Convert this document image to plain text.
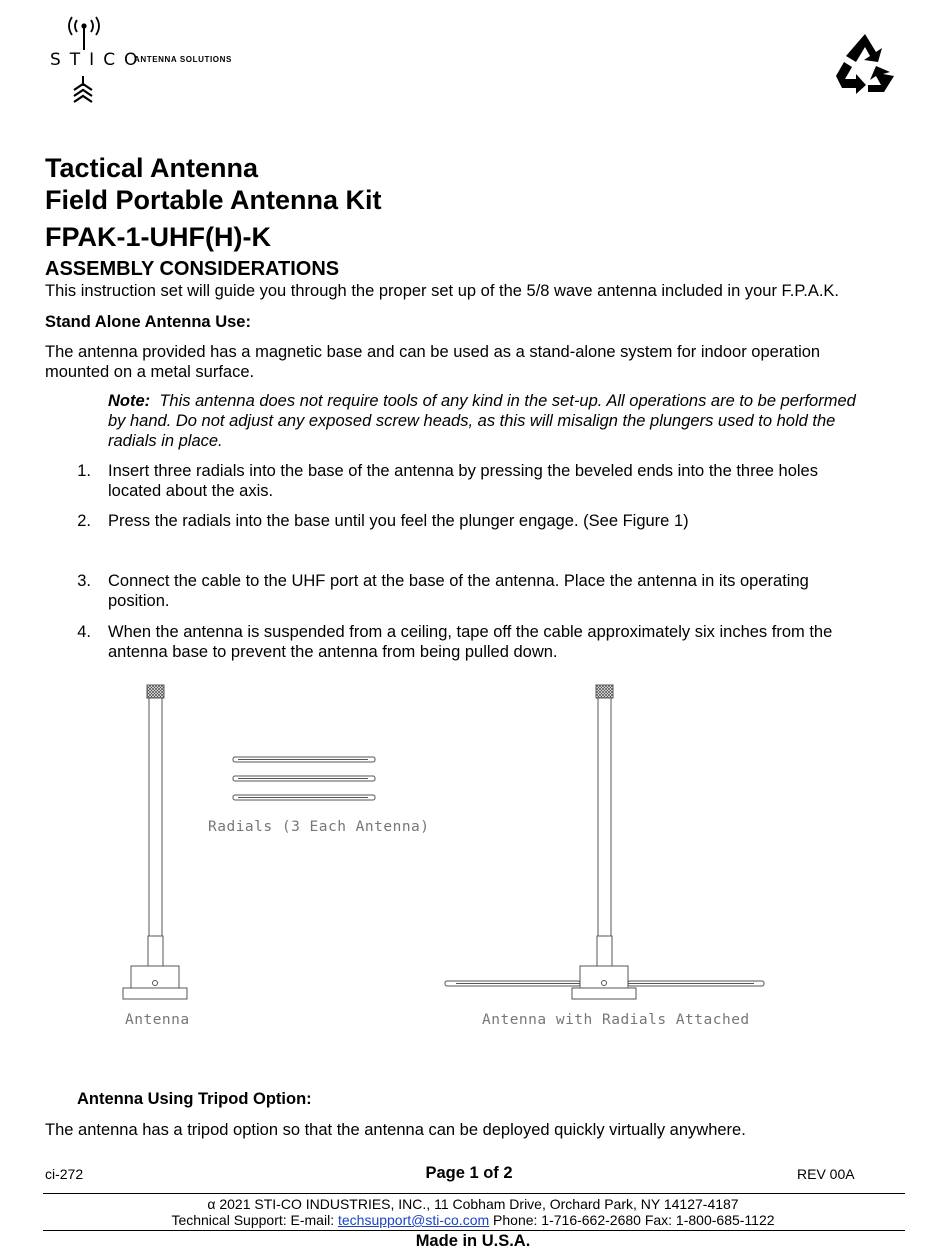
STICO
ANTENNA SOLUTIONS
Tactical Antenna
Field Portable Antenna Kit
FPAK-1-UHF(H)-K
ASSEMBLY CONSIDERATIONS
This instruction set will guide you through the proper set up of the 5/8 wave antenna included in your F.P.A.K.
Stand Alone Antenna Use:
The antenna provided has a magnetic base and can be used as a stand-alone system for indoor operation
mounted on a metal surface.
Note: This antenna does not require tools of any kind in the set-up. All operations are to be performed
by hand. Do not adjust any exposed screw heads, as this will misalign the plungers used to hold the
radials in place.
1. Insert three radials into the base of the antenna by pressing the beveled ends into the three holes
located about the axis.
2. Press the radials into the base until you feel the plunger engage. (See Figure 1)
3. Connect the cable to the UHF port at the base of the antenna. Place the antenna in its operating
position.
4. When the antenna is suspended from a ceiling, tape off the cable approximately six inches from the
antenna base to prevent the antenna from being pulled down.
Radials (3 Each Antenna)
Antenna	Antenna with Radials Attached
Antenna Using Tripod Option:
The antenna has a tripod option so that the antenna can be deployed quickly virtually anywhere.
ci-272	Page 1 of 2	REV 00A
α 2021 STI-CO INDUSTRIES, INC., 11 Cobham Drive, Orchard Park, NY 14127-4187
Technical Support: E-mail: techsupport@sti-co.com Phone: 1-716-662-2680 Fax: 1-800-685-1122
Made in U.S.A.
